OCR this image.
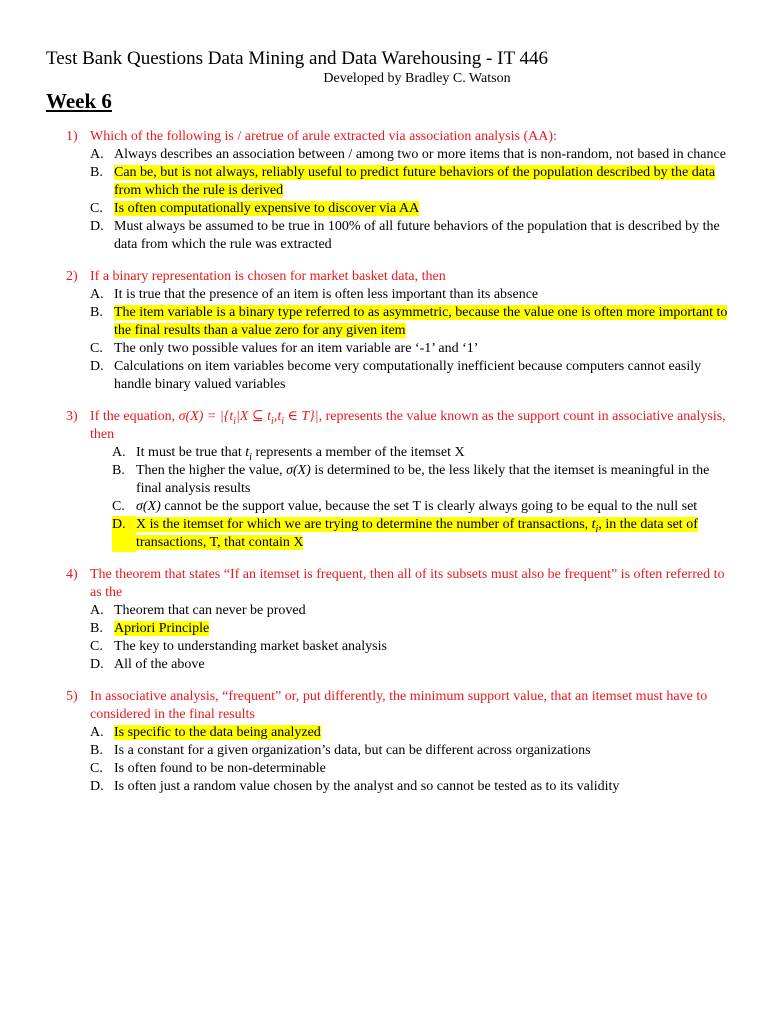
Test Bank Questions Data Mining and Data Warehousing - IT 446

Developed by Bradley C. Watson

Week 6
1) Which of the following is / aretrue of arule extracted via association analysis (AA):
A. Always describes an association between / among two or more items that is non-random, not based in chance
B. Can be, but is not always, reliably useful to predict future behaviors of the population described by the data from which the rule is derived
C. Is often computationally expensive to discover via AA
D. Must always be assumed to be true in 100% of all future behaviors of the population that is described by the data from which the rule was extracted
2) If a binary representation is chosen for market basket data, then
A. It is true that the presence of an item is often less important than its absence
B. The item variable is a binary type referred to as asymmetric, because the value one is often more important to the final results than a value zero for any given item
C. The only two possible values for an item variable are ‘-1’ and ‘1’
D. Calculations on item variables become very computationally inefficient because computers cannot easily handle binary valued variables
3) If the equation, $\sigma(X) = |\{t_i|X$ ⊆ $t_i,t_i$ ∈ T}|, represents the value known as the support count in associative analysis, then
A. It must be true that $t_i$ represents a member of the itemset X
B. Then the higher the value, σ(X) is determined to be, the less likely that the itemset is meaningful in the final analysis results
C. σ(X) cannot be the support value, because the set T is clearly always going to be equal to the null set
D. X is the itemset for which we are trying to determine the number of transactions, $t_i$, in the data set of transactions, T, that contain X
4) The theorem that states “If an itemset is frequent, then all of its subsets must also be frequent” is often referred to as the
A. Theorem that can never be proved
B. Apriori Principle
C. The key to understanding market basket analysis
D. All of the above
5) In associative analysis, “frequent” or, put differently, the minimum support value, that an itemset must have to considered in the final results
A. Is specific to the data being analyzed
B. Is a constant for a given organization’s data, but can be different across organizations
C. Is often found to be non-determinable
D. Is often just a random value chosen by the analyst and so cannot be tested as to its validity
